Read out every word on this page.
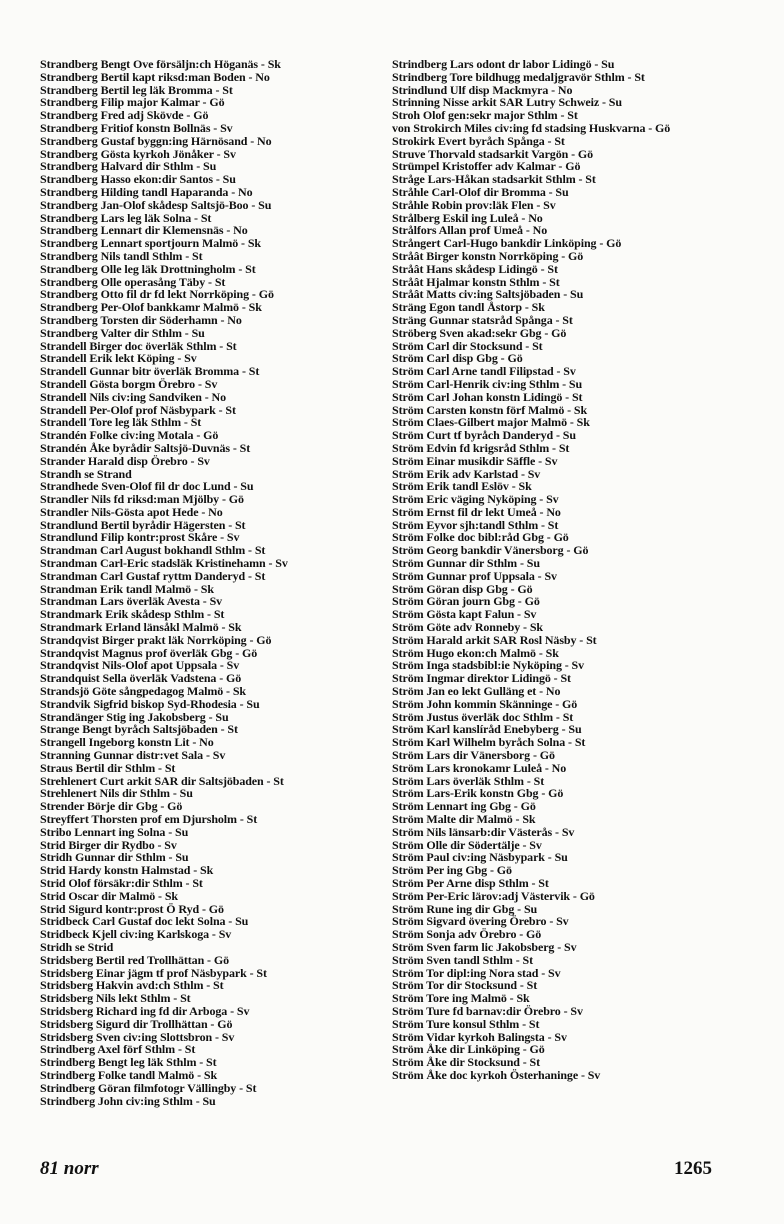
Strandberg Bengt Ove försäljn:ch Höganäs - Sk
Strandberg Bertil kapt riksd:man Boden - No
Strandberg Bertil leg läk Bromma - St
Strandberg Filip major Kalmar - Gö
Strandberg Fred adj Skövde - Gö
Strandberg Fritiof konstn Bollnäs - Sv
Strandberg Gustaf byggn:ing Härnösand - No
Strandberg Gösta kyrkoh Jönåker - Sv
Strandberg Halvard dir Sthlm - Su
Strandberg Hasso ekon:dir Santos - Su
Strandberg Hilding tandl Haparanda - No
Strandberg Jan-Olof skådesp Saltsjö-Boo - Su
Strandberg Lars leg läk Solna - St
Strandberg Lennart dir Klemensnäs - No
Strandberg Lennart sportjourn Malmö - Sk
Strandberg Nils tandl Sthlm - St
Strandberg Olle leg läk Drottningholm - St
Strandberg Olle operasång Täby - St
Strandberg Otto fil dr fd lekt Norrköping - Gö
Strandberg Per-Olof bankkamr Malmö - Sk
Strandberg Torsten dir Söderhamn - No
Strandberg Valter dir Sthlm - Su
Strandell Birger doc överläk Sthlm - St
Strandell Erik lekt Köping - Sv
Strandell Gunnar bitr överläk Bromma - St
Strandell Gösta borgm Örebro - Sv
Strandell Nils civ:ing Sandviken - No
Strandell Per-Olof prof Näsbypark - St
Strandell Tore leg läk Sthlm - St
Strandén Folke civ:ing Motala - Gö
Strandén Åke byrådir Saltsjö-Duvnäs - St
Strander Harald disp Örebro - Sv
Strandh se Strand
Strandhede Sven-Olof fil dr doc Lund - Su
Strandler Nils fd riksd:man Mjölby - Gö
Strandler Nils-Gösta apot Hede - No
Strandlund Bertil byrådir Hägersten - St
Strandlund Filip kontr:prost Skåre - Sv
Strandman Carl August bokhandl Sthlm - St
Strandman Carl-Eric stadsläk Kristinehamn - Sv
Strandman Carl Gustaf ryttm Danderyd - St
Strandman Erik tandl Malmö - Sk
Strandman Lars överläk Avesta - Sv
Strandmark Erik skådesp Sthlm - St
Strandmark Erland länsåkl Malmö - Sk
Strandqvist Birger prakt läk Norrköping - Gö
Strandqvist Magnus prof överläk Gbg - Gö
Strandqvist Nils-Olof apot Uppsala - Sv
Strandquist Sella överläk Vadstena - Gö
Strandsjö Göte sångpedagog Malmö - Sk
Strandvik Sigfrid biskop Syd-Rhodesia - Su
Strandänger Stig ing Jakobsberg - Su
Strange Bengt byråch Saltsjöbaden - St
Strangell Ingeborg konstn Lit - No
Stranning Gunnar distr:vet Sala - Sv
Straus Bertil dir Sthlm - St
Strehlenert Curt arkit SAR dir Saltsjöbaden - St
Strehlenert Nils dir Sthlm - Su
Strender Börje dir Gbg - Gö
Streyffert Thorsten prof em Djursholm - St
Stribo Lennart ing Solna - Su
Strid Birger dir Rydbo - Sv
Stridh Gunnar dir Sthlm - Su
Strid Hardy konstn Halmstad - Sk
Strid Olof försäkr:dir Sthlm - St
Strid Oscar dir Malmö - Sk
Strid Sigurd kontr:prost Ö Ryd - Gö
Stridbeck Carl Gustaf doc lekt Solna - Su
Stridbeck Kjell civ:ing Karlskoga - Sv
Stridh se Strid
Stridsberg Bertil red Trollhättan - Gö
Stridsberg Einar jägm tf prof Näsbypark - St
Stridsberg Hakvin avd:ch Sthlm - St
Stridsberg Nils lekt Sthlm - St
Stridsberg Richard ing fd dir Arboga - Sv
Stridsberg Sigurd dir Trollhättan - Gö
Stridsberg Sven civ:ing Slottsbron - Sv
Strindberg Axel förf Sthlm - St
Strindberg Bengt leg läk Sthlm - St
Strindberg Folke tandl Malmö - Sk
Strindberg Göran filmfotogr Vällingby - St
Strindberg John civ:ing Sthlm - Su
Strindberg Lars odont dr labor Lidingö - Su
Strindberg Tore bildhugg medaljgravör Sthlm - St
Strindlund Ulf disp Mackmyra - No
Strinning Nisse arkit SAR Lutry Schweiz - Su
Stroh Olof gen:sekr major Sthlm - St
von Strokirch Miles civ:ing fd stadsing Huskvarna - Gö
Strokirk Evert byråch Spånga - St
Struve Thorvald stadsarkit Vargön - Gö
Strümpel Kristoffer adv Kalmar - Gö
Stråge Lars-Håkan stadsarkit Sthlm - St
Stråhle Carl-Olof dir Bromma - Su
Stråhle Robin prov:läk Flen - Sv
Strålberg Eskil ing Luleå - No
Strålfors Allan prof Umeå - No
Strångert Carl-Hugo bankdir Linköping - Gö
Stråât Birger konstn Norrköping - Gö
Stråât Hans skådesp Lidingö - St
Stråât Hjalmar konstn Sthlm - St
Stråât Matts civ:ing Saltsjöbaden - Su
Sträng Egon tandl Åstorp - Sk
Sträng Gunnar statsråd Spånga - St
Ströberg Sven akad:sekr Gbg - Gö
Ström Carl dir Stocksund - St
Ström Carl disp Gbg - Gö
Ström Carl Arne tandl Filipstad - Sv
Ström Carl-Henrik civ:ing Sthlm - Su
Ström Carl Johan konstn Lidingö - St
Ström Carsten konstn förf Malmö - Sk
Ström Claes-Gilbert major Malmö - Sk
Ström Curt tf byråch Danderyd - Su
Ström Edvin fd krigsråd Sthlm - St
Ström Einar musikdir Säffle - Sv
Ström Erik adv Karlstad - Sv
Ström Erik tandl Eslöv - Sk
Ström Eric väging Nyköping - Sv
Ström Ernst fil dr lekt Umeå - No
Ström Eyvor sjh:tandl Sthlm - St
Ström Folke doc bibl:råd Gbg - Gö
Ström Georg bankdir Vänersborg - Gö
Ström Gunnar dir Sthlm - Su
Ström Gunnar prof Uppsala - Sv
Ström Göran disp Gbg - Gö
Ström Göran journ Gbg - Gö
Ström Gösta kapt Falun - Sv
Ström Göte adv Ronneby - Sk
Ström Harald arkit SAR Rosl Näsby - St
Ström Hugo ekon:ch Malmö - Sk
Ström Inga stadsbibl:ie Nyköping - Sv
Ström Ingmar direktor Lidingö - St
Ström Jan eo lekt Gulläng et - No
Ström John kommin Skänninge - Gö
Ström Justus överläk doc Sthlm - St
Ström Karl kanslíråd Enebyberg - Su
Ström Karl Wilhelm byråch Solna - St
Ström Lars dir Vänersborg - Gö
Ström Lars kronokamr Luleå - No
Ström Lars överläk Sthlm - St
Ström Lars-Erik konstn Gbg - Gö
Ström Lennart ing Gbg - Gö
Ström Malte dir Malmö - Sk
Ström Nils länsarb:dir Västerås - Sv
Ström Olle dir Södertälje - Sv
Ström Paul civ:ing Näsbypark - Su
Ström Per ing Gbg - Gö
Ström Per Arne disp Sthlm - St
Ström Per-Eric lärov:adj Västervik - Gö
Ström Rune ing dir Gbg - Su
Ström Sigvard övering Örebro - Sv
Ström Sonja adv Örebro - Gö
Ström Sven farm lic Jakobsberg - Sv
Ström Sven tandl Sthlm - St
Ström Tor dipl:ing Nora stad - Sv
Ström Tor dir Stocksund - St
Ström Tore ing Malmö - Sk
Ström Ture fd barnav:dir Örebro - Sv
Ström Ture konsul Sthlm - St
Ström Vidar kyrkoh Balingsta - Sv
Ström Åke dir Linköping - Gö
Ström Åke dir Stocksund - St
Ström Åke doc kyrkoh Österhaninge - Sv
81 norr	1265
